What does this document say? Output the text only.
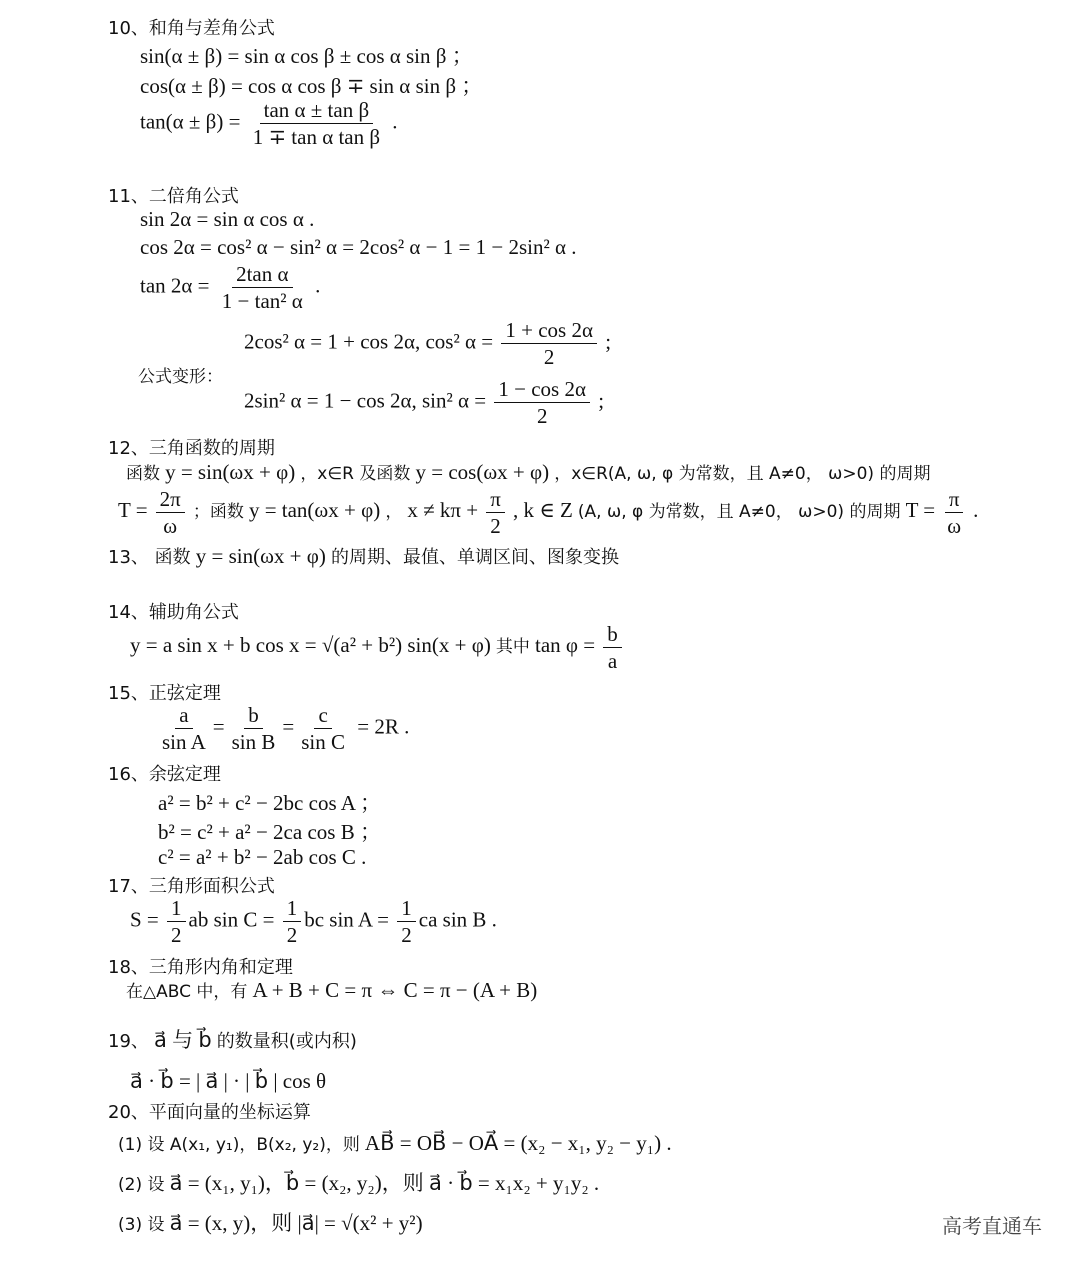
10、和角与差角公式
sin(α ± β) = sin α cos β ± cos α sin β ；
cos(α ± β) = cos α cos β ∓ sin α sin β ；
$\tan(\alpha \pm \beta) = \frac{\text{tan α ± tan β}}{\text{1 ∓ tan α tan β}}$ .
11、二倍角公式
sin 2α = sin α cos α .
cos 2α = cos² α − sin² α = 2cos² α − 1 = 1 − 2sin² α .
$\tan 2\alpha = \frac{\text{2tan α}}{\text{1 − tan² α}}$ .
2cos² α = 1 + cos 2α, cos² $\alpha = \frac{1 + \cos 2\alpha}{2}$ ;
公式变形：
2sin² α = 1 − cos 2α, sin² $\alpha = \frac{1 - \cos 2\alpha}{2}$ ;
12、三角函数的周期
函数 y = sin(ωx + φ) ，x∈R 及函数 y = cos(ωx + φ) ，x∈R(A, ω, φ 为常数，且 A≠0， ω>0) 的周期
$T = \frac{2\pi}{\omega}$ ；函数 y = tan(ωx + φ) ， $x \ne k\pi + \frac{\pi}{2}$ , k ∈ Z (A, ω, φ 为常数，且 A≠0， ω>0) 的周期 $T = \frac{\pi}{\omega}$ .
13、 函数 y = sin(ωx + φ) 的周期、最值、单调区间、图象变换
14、辅助角公式
y = a sin x + b cos x = √(a² + b²) sin(x + φ) 其中 $\tan \varphi = \frac{b}{a}$
15、正弦定理
$\frac{a}{\text{sin A}} = \frac{b}{\text{sin B}} = \frac{c}{\text{sin C}} = 2R$ .
16、余弦定理
a² = b² + c² − 2bc cos A ；
b² = c² + a² − 2ca cos B ；
c² = a² + b² − 2ab cos C .
17、三角形面积公式
$S = \frac{1}{2}$ ab $\sin C = \frac{1}{2}$ bc $\sin A = \frac{1}{2}$ ca sin B .
18、三角形内角和定理
在△ABC 中，有 A + B + C = π ⇔ C = π − (A + B)
19、 a⃗ 与 b⃗ 的数量积(或内积)
a⃗ · b⃗ = | a⃗ | · | b⃗ | cos θ
20、平面向量的坐标运算
(1) 设 A(x₁, y₁)，B(x₂, y₂)，则 AB⃗ = OB⃗ − OA⃗ = (x₂ − x₁, y₂ − y₁) .
(2) 设 a⃗ = (x₁, y₁)，b⃗ = (x₂, y₂)，则 a⃗ · b⃗ = x₁x₂ + y₁y₂ .
(3) 设 a⃗ = (x, y)，则 |a⃗| = √(x² + y²)	高考直通车
